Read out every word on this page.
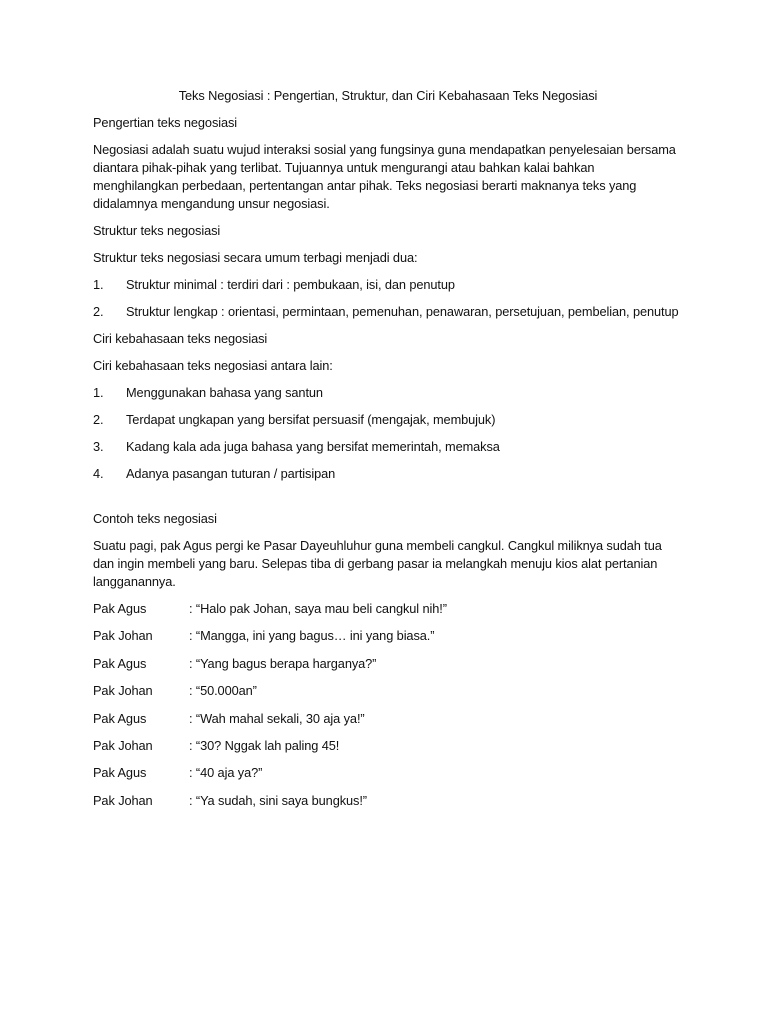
Teks Negosiasi : Pengertian, Struktur, dan Ciri Kebahasaan Teks Negosiasi

Pengertian teks negosiasi

Negosiasi adalah suatu wujud interaksi sosial yang fungsinya guna mendapatkan penyelesaian bersama diantara pihak-pihak yang terlibat. Tujuannya untuk mengurangi atau bahkan kalai bahkan menghilangkan perbedaan, pertentangan antar pihak. Teks negosiasi berarti maknanya teks yang didalamnya mengandung unsur negosiasi.

Struktur teks negosiasi

Struktur teks negosiasi secara umum terbagi menjadi dua:

1.	Struktur minimal : terdiri dari : pembukaan, isi, dan penutup
2. Struktur lengkap : orientasi, permintaan, pemenuhan, penawaran, persetujuan, pembelian, penutup

Ciri kebahasaan teks negosiasi

Ciri kebahasaan teks negosiasi antara lain:

1.	Menggunakan bahasa yang santun
2.	Terdapat ungkapan yang bersifat persuasif (mengajak, membujuk)
3.	Kadang kala ada juga bahasa yang bersifat memerintah, memaksa
4.	Adanya pasangan tuturan / partisipan

Contoh teks negosiasi

Suatu pagi, pak Agus pergi ke Pasar Dayeuhluhur guna membeli cangkul. Cangkul miliknya sudah tua dan ingin membeli yang baru. Selepas tiba di gerbang pasar ia melangkah menuju kios alat pertanian langganannya.

Pak Agus	: “Halo pak Johan, saya mau beli cangkul nih!”
Pak Johan	: “Mangga, ini yang bagus… ini yang biasa.”
Pak Agus	: “Yang bagus berapa harganya?”
Pak Johan	: “50.000an”
Pak Agus	: “Wah mahal sekali, 30 aja ya!”
Pak Johan	: “30? Nggak lah paling 45!
Pak Agus	: “40 aja ya?”
Pak Johan	: “Ya sudah, sini saya bungkus!”
